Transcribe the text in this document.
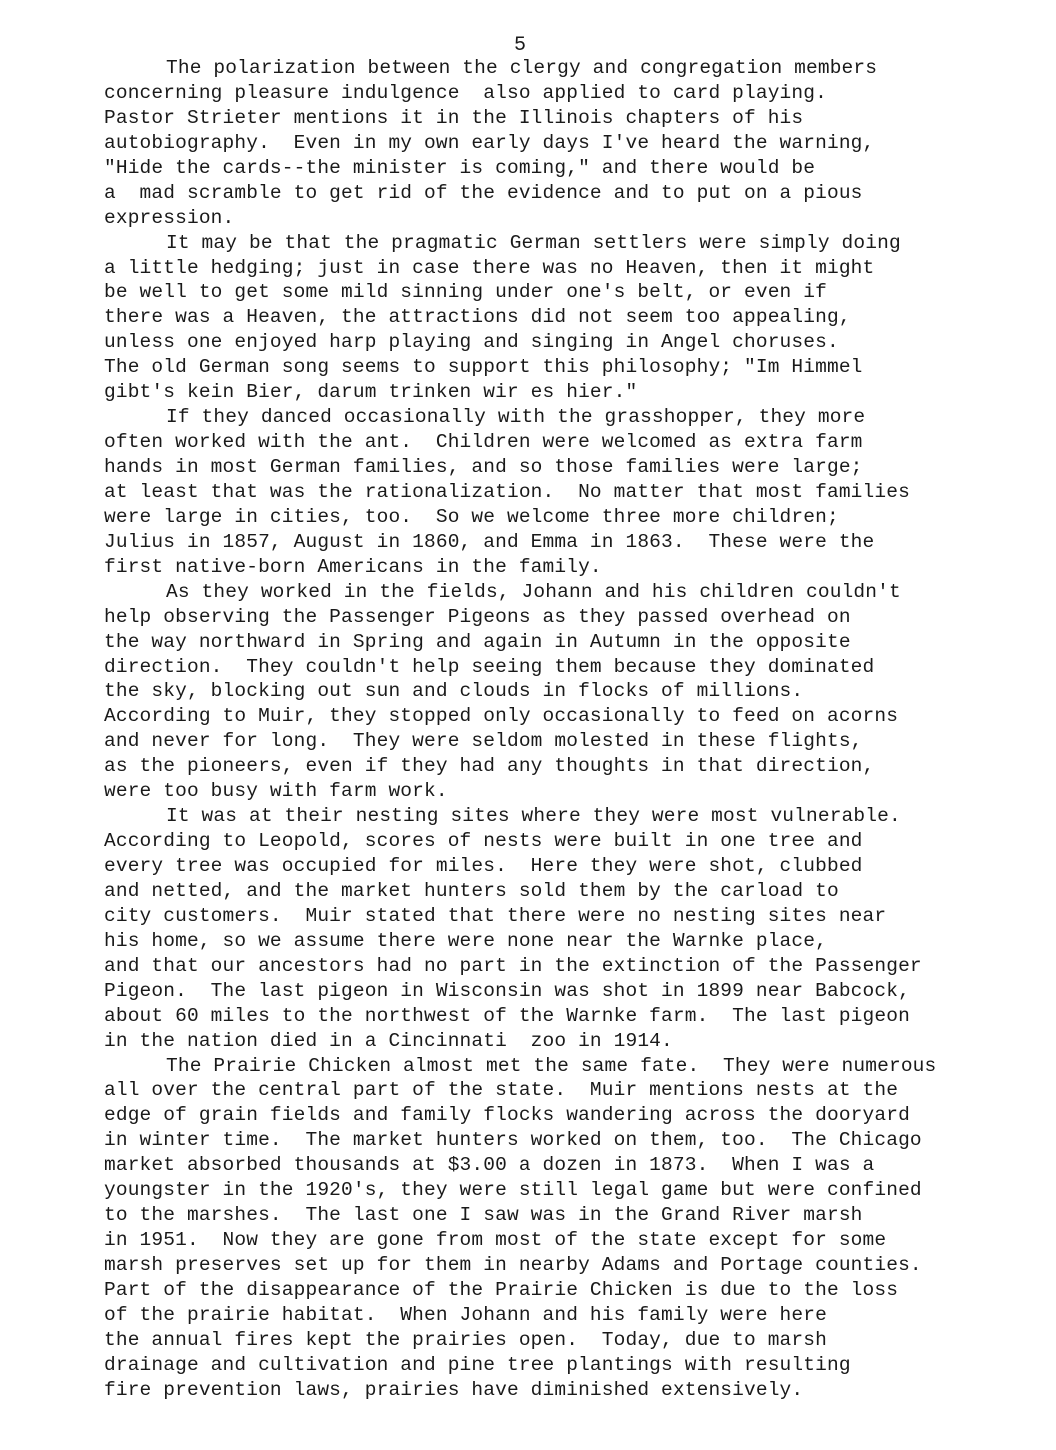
5
The polarization between the clergy and congregation members
concerning pleasure indulgence  also applied to card playing.
Pastor Strieter mentions it in the Illinois chapters of his
autobiography.  Even in my own early days I've heard the warning,
"Hide the cards--the minister is coming," and there would be
a  mad scramble to get rid of the evidence and to put on a pious
expression.
It may be that the pragmatic German settlers were simply doing
a little hedging; just in case there was no Heaven, then it might
be well to get some mild sinning under one's belt, or even if
there was a Heaven, the attractions did not seem too appealing,
unless one enjoyed harp playing and singing in Angel choruses.
The old German song seems to support this philosophy; "Im Himmel
gibt's kein Bier, darum trinken wir es hier."
If they danced occasionally with the grasshopper, they more
often worked with the ant.  Children were welcomed as extra farm
hands in most German families, and so those families were large;
at least that was the rationalization.  No matter that most families
were large in cities, too.  So we welcome three more children;
Julius in 1857, August in 1860, and Emma in 1863.  These were the
first native-born Americans in the family.
As they worked in the fields, Johann and his children couldn't
help observing the Passenger Pigeons as they passed overhead on
the way northward in Spring and again in Autumn in the opposite
direction.  They couldn't help seeing them because they dominated
the sky, blocking out sun and clouds in flocks of millions.
According to Muir, they stopped only occasionally to feed on acorns
and never for long.  They were seldom molested in these flights,
as the pioneers, even if they had any thoughts in that direction,
were too busy with farm work.
It was at their nesting sites where they were most vulnerable.
According to Leopold, scores of nests were built in one tree and
every tree was occupied for miles.  Here they were shot, clubbed
and netted, and the market hunters sold them by the carload to
city customers.  Muir stated that there were no nesting sites near
his home, so we assume there were none near the Warnke place,
and that our ancestors had no part in the extinction of the Passenger
Pigeon.  The last pigeon in Wisconsin was shot in 1899 near Babcock,
about 60 miles to the northwest of the Warnke farm.  The last pigeon
in the nation died in a Cincinnati  zoo in 1914.
The Prairie Chicken almost met the same fate.  They were numerous
all over the central part of the state.  Muir mentions nests at the
edge of grain fields and family flocks wandering across the dooryard
in winter time.  The market hunters worked on them, too.  The Chicago
market absorbed thousands at $3.00 a dozen in 1873.  When I was a
youngster in the 1920's, they were still legal game but were confined
to the marshes.  The last one I saw was in the Grand River marsh
in 1951.  Now they are gone from most of the state except for some
marsh preserves set up for them in nearby Adams and Portage counties.
Part of the disappearance of the Prairie Chicken is due to the loss
of the prairie habitat.  When Johann and his family were here
the annual fires kept the prairies open.  Today, due to marsh
drainage and cultivation and pine tree plantings with resulting
fire prevention laws, prairies have diminished extensively.
